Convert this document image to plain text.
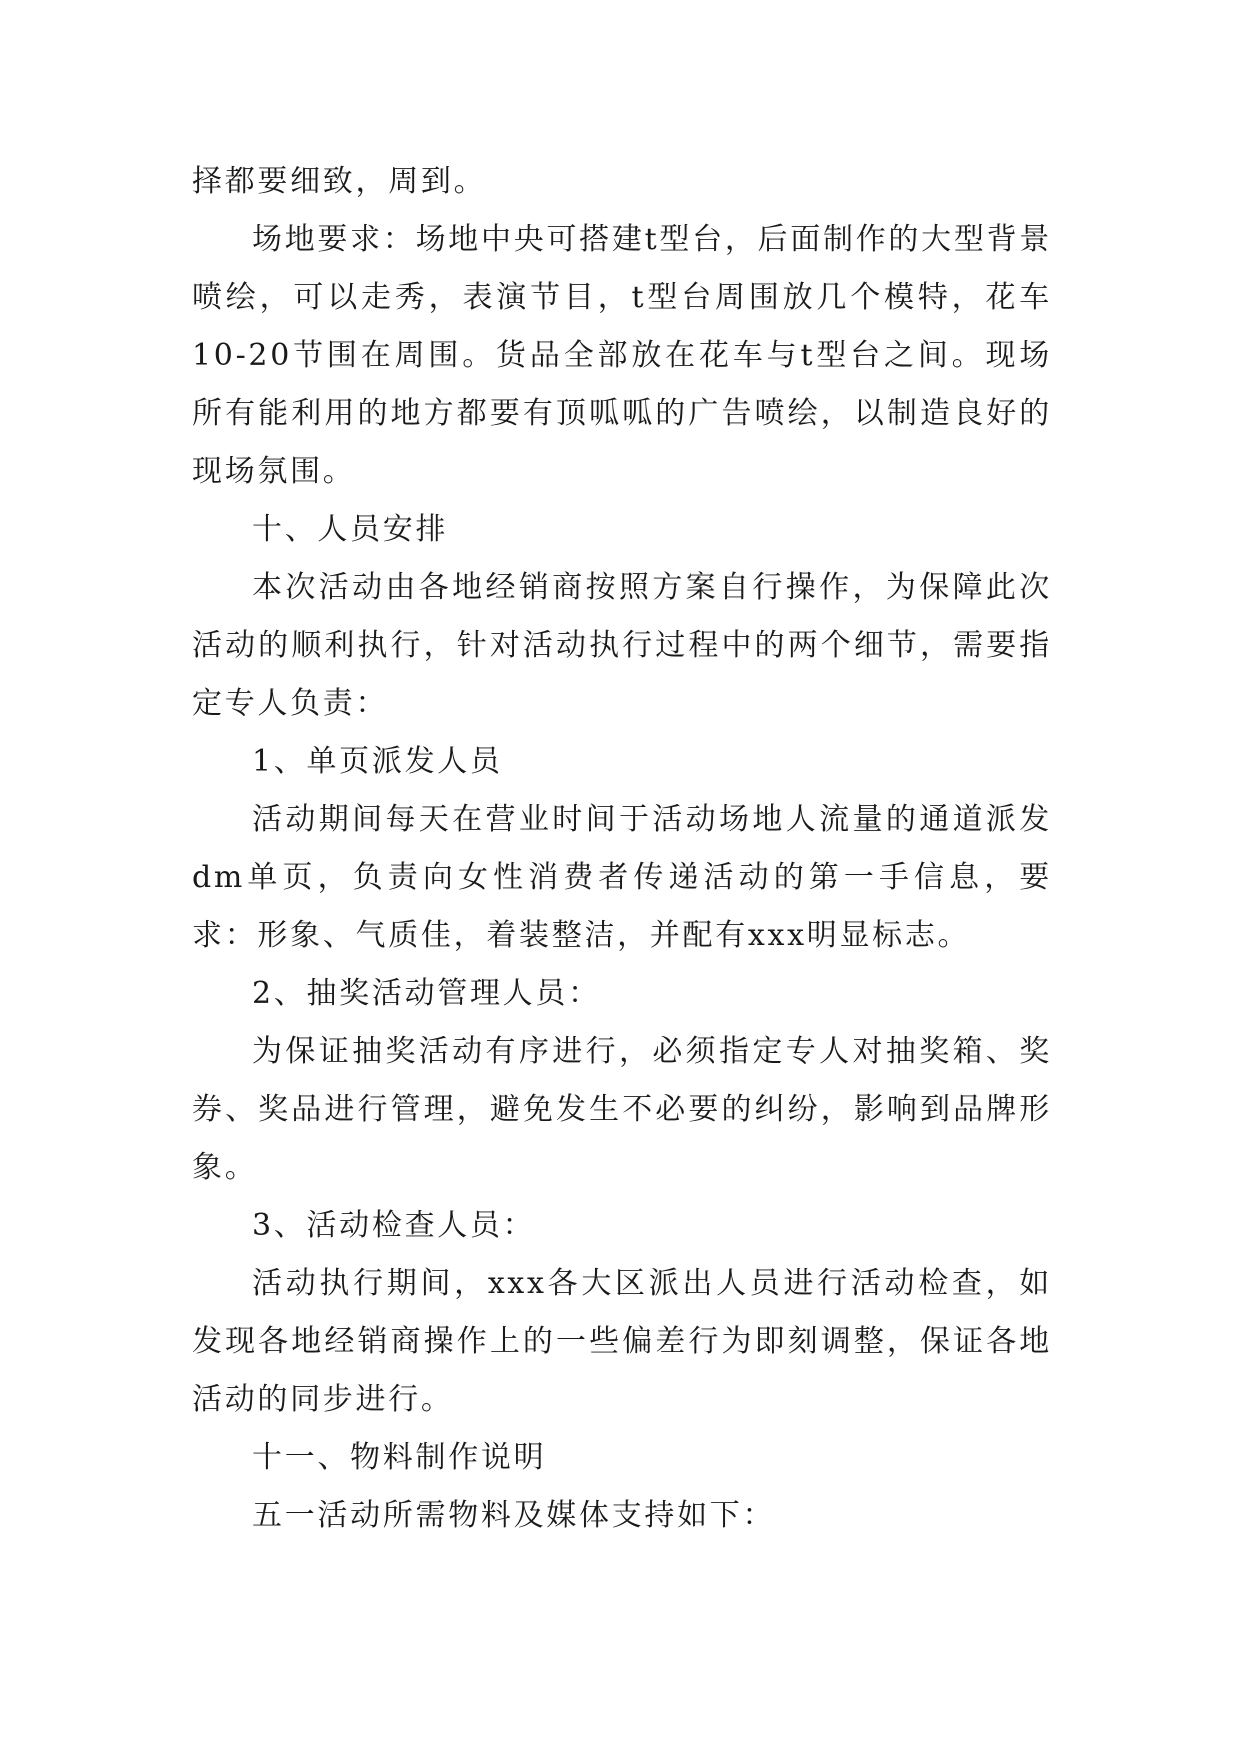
择都要细致，周到。

场地要求：场地中央可搭建t型台，后面制作的大型背景喷绘，可以走秀，表演节目，t型台周围放几个模特，花车10-20节围在周围。货品全部放在花车与t型台之间。现场所有能利用的地方都要有顶呱呱的广告喷绘，以制造良好的现场氛围。

十、人员安排

本次活动由各地经销商按照方案自行操作，为保障此次活动的顺利执行，针对活动执行过程中的两个细节，需要指定专人负责：

1、单页派发人员

活动期间每天在营业时间于活动场地人流量的通道派发dm单页，负责向女性消费者传递活动的第一手信息，要求：形象、气质佳，着装整洁，并配有xxx明显标志。

2、抽奖活动管理人员：

为保证抽奖活动有序进行，必须指定专人对抽奖箱、奖券、奖品进行管理，避免发生不必要的纠纷，影响到品牌形象。

3、活动检查人员：

活动执行期间，xxx各大区派出人员进行活动检查，如发现各地经销商操作上的一些偏差行为即刻调整，保证各地活动的同步进行。

十一、物料制作说明

五一活动所需物料及媒体支持如下：
